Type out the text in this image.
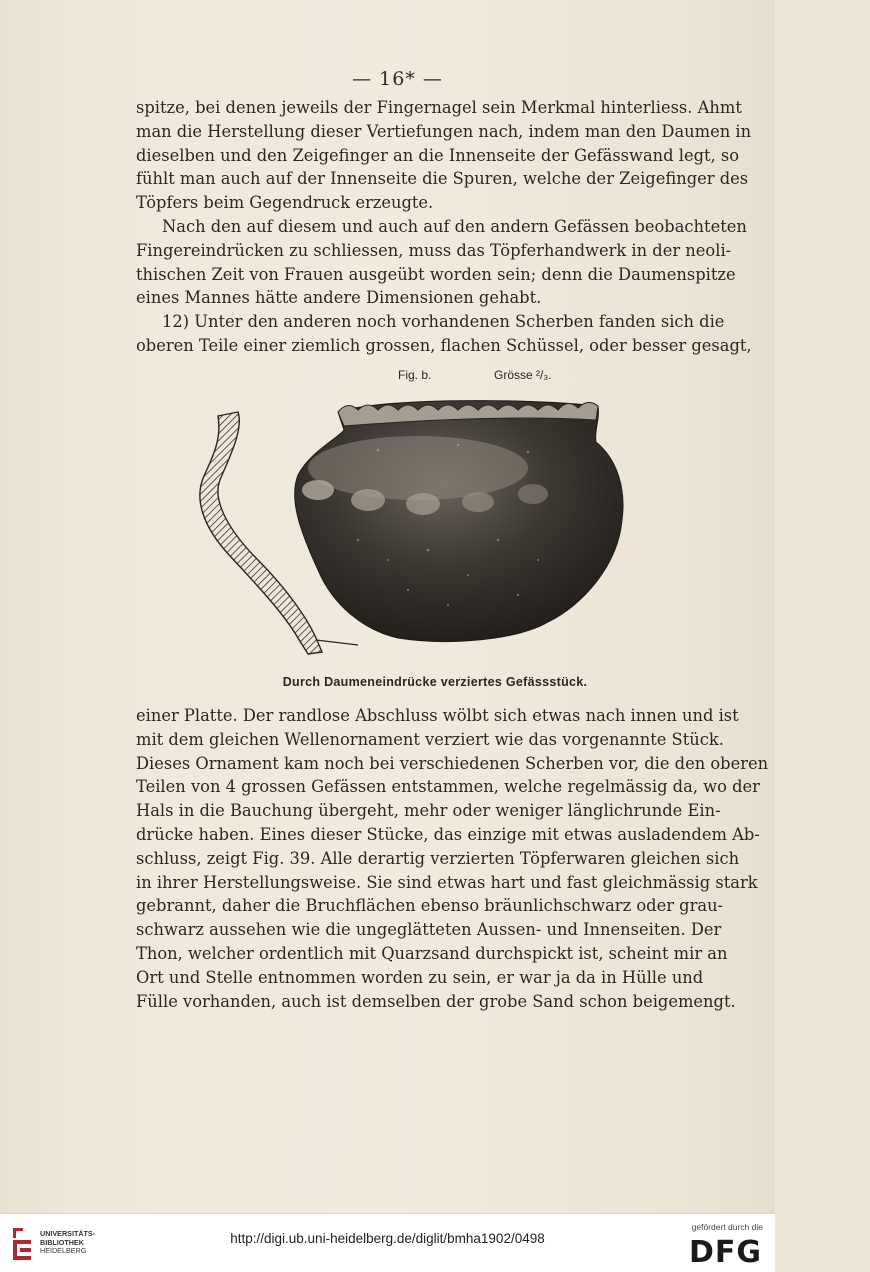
— 16* —
spitze, bei denen jeweils der Fingernagel sein Merkmal hinterliess. Ahmt
man die Herstellung dieser Vertiefungen nach, indem man den Daumen in
dieselben und den Zeigefinger an die Innenseite der Gefässwand legt, so
fühlt man auch auf der Innenseite die Spuren, welche der Zeigefinger des
Töpfers beim Gegendruck erzeugte.
Nach den auf diesem und auch auf den andern Gefässen beobachteten
Fingereindrücken zu schliessen, muss das Töpferhandwerk in der neoli-
thischen Zeit von Frauen ausgeübt worden sein; denn die Daumenspitze
eines Mannes hätte andere Dimensionen gehabt.
12) Unter den anderen noch vorhandenen Scherben fanden sich die
oberen Teile einer ziemlich grossen, flachen Schüssel, oder besser gesagt,
Fig. b.	Grösse ²/₃.
Durch Daumeneindrücke verziertes Gefässstück.
einer Platte. Der randlose Abschluss wölbt sich etwas nach innen und ist
mit dem gleichen Wellenornament verziert wie das vorgenannte Stück.
Dieses Ornament kam noch bei verschiedenen Scherben vor, die den oberen
Teilen von 4 grossen Gefässen entstammen, welche regelmässig da, wo der
Hals in die Bauchung übergeht, mehr oder weniger länglichrunde Ein-
drücke haben. Eines dieser Stücke, das einzige mit etwas ausladendem Ab-
schluss, zeigt Fig. 39. Alle derartig verzierten Töpferwaren gleichen sich
in ihrer Herstellungsweise. Sie sind etwas hart und fast gleichmässig stark
gebrannt, daher die Bruchflächen ebenso bräunlichschwarz oder grau-
schwarz aussehen wie die ungeglätteten Aussen- und Innenseiten. Der
Thon, welcher ordentlich mit Quarzsand durchspickt ist, scheint mir an
Ort und Stelle entnommen worden zu sein, er war ja da in Hülle und
Fülle vorhanden, auch ist demselben der grobe Sand schon beigemengt.
UNIVERSITÄTS-
BIBLIOTHEK
HEIDELBERG
http://digi.ub.uni-heidelberg.de/diglit/bmha1902/0498
gefördert durch die
DFG
